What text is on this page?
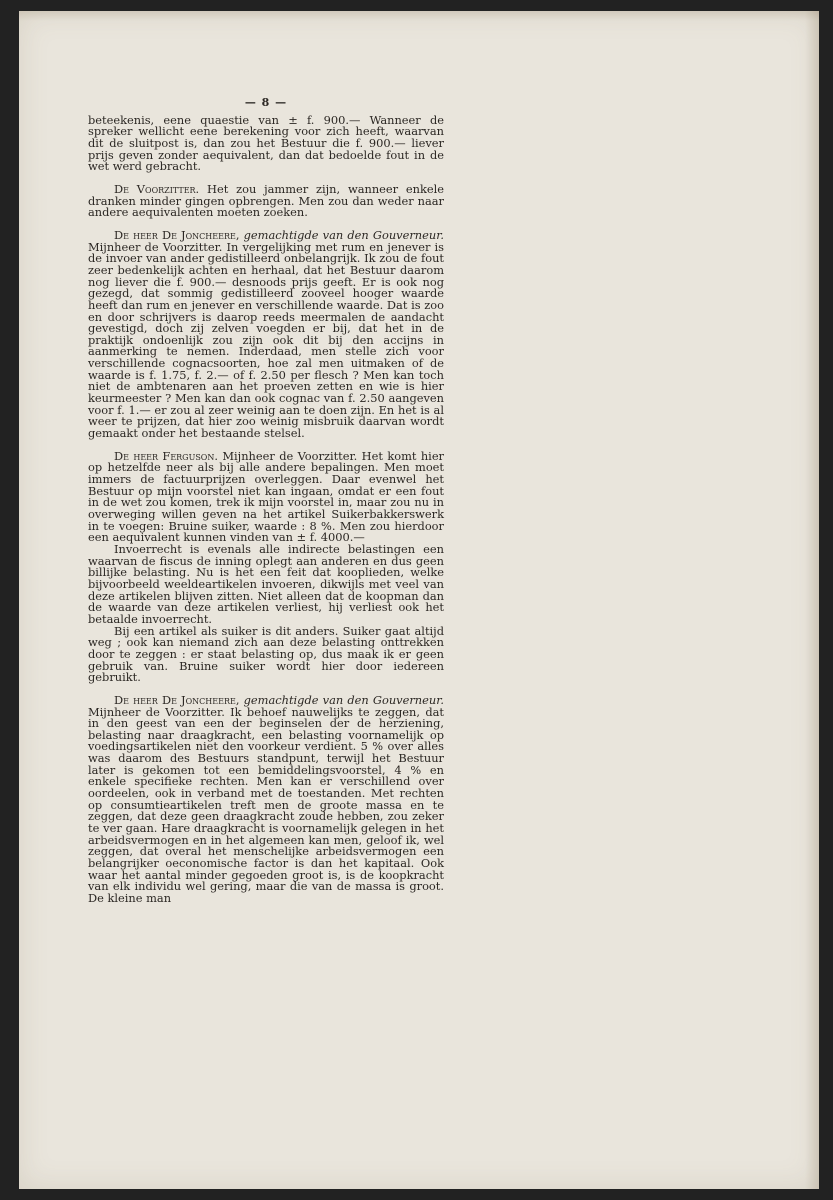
— 8 —

beteekenis, eene quaestie van ± f. 900.— Wanneer de spreker wellicht eene berekening voor zich heeft, waarvan dit de sluitpost is, dan zou het Bestuur die f. 900.— liever prijs geven zonder aequivalent, dan dat bedoelde fout in de wet werd gebracht.

De Voorzitter. Het zou jammer zijn, wanneer enkele dranken minder gingen opbrengen. Men zou dan weder naar andere aequivalenten moeten zoeken.

De heer De Joncheere, gemachtigde van den Gouverneur. Mijnheer de Voorzitter. In vergelijking met rum en jenever is de invoer van ander gedistilleerd onbelangrijk. Ik zou de fout zeer bedenkelijk achten en herhaal, dat het Bestuur daarom nog liever die f. 900.— desnoods prijs geeft. Er is ook nog gezegd, dat sommig gedistilleerd zooveel hooger waarde heeft dan rum en jenever en verschillende waarde. Dat is zoo en door schrijvers is daarop reeds meermalen de aandacht gevestigd, doch zij zelven voegden er bij, dat het in de praktijk ondoenlijk zou zijn ook dit bij den accijns in aanmerking te nemen. Inderdaad, men stelle zich voor verschillende cognacsoorten, hoe zal men uitmaken of de waarde is f. 1.75, f. 2.— of f. 2.50 per flesch ? Men kan toch niet de ambtenaren aan het proeven zetten en wie is hier keurmeester ? Men kan dan ook cognac van f. 2.50 aangeven voor f. 1.— er zou al zeer weinig aan te doen zijn. En het is al weer te prijzen, dat hier zoo weinig misbruik daarvan wordt gemaakt onder het bestaande stelsel.

De heer Ferguson. Mijnheer de Voorzitter. Het komt hier op hetzelfde neer als bij alle andere bepalingen. Men moet immers de factuurprijzen overleggen. Daar evenwel het Bestuur op mijn voorstel niet kan ingaan, omdat er een fout in de wet zou komen, trek ik mijn voorstel in, maar zou nu in overweging willen geven na het artikel Suikerbakkerswerk in te voegen: Bruine suiker, waarde : 8 %. Men zou hierdoor een aequivalent kunnen vinden van ± f. 4000.—

Invoerrecht is evenals alle indirecte belastingen een waarvan de fiscus de inning oplegt aan anderen en dus geen billijke belasting. Nu is het een feit dat kooplieden, welke bijvoorbeeld weeldeartikelen invoeren, dikwijls met veel van deze artikelen blijven zitten. Niet alleen dat de koopman dan de waarde van deze artikelen verliest, hij verliest ook het betaalde invoerrecht.

Bij een artikel als suiker is dit anders. Suiker gaat altijd weg ; ook kan niemand zich aan deze belasting onttrekken door te zeggen : er staat belasting op, dus maak ik er geen gebruik van. Bruine suiker wordt hier door iedereen gebruikt.

De heer De Joncheere, gemachtigde van den Gouverneur. Mijnheer de Voorzitter. Ik behoef nauwelijks te zeggen, dat in den geest van een der beginselen der de herziening, belasting naar draagkracht, een belasting voornamelijk op voedingsartikelen niet den voorkeur verdient. 5 % over alles was daarom des Bestuurs standpunt, terwijl het Bestuur later is gekomen tot een bemiddelingsvoorstel, 4 % en enkele specifieke rechten. Men kan er verschillend over oordeelen, ook in verband met de toestanden. Met rechten op consumtieartikelen treft men de groote massa en te zeggen, dat deze geen draagkracht zoude hebben, zou zeker te ver gaan. Hare draagkracht is voornamelijk gelegen in het arbeidsvermogen en in het algemeen kan men, geloof ik, wel zeggen, dat overal het menschelijke arbeidsvermogen een belangrijker oeconomische factor is dan het kapitaal. Ook waar het aantal minder gegoeden groot is, is de koopkracht van elk individu wel gering, maar die van de massa is groot. De kleine man
